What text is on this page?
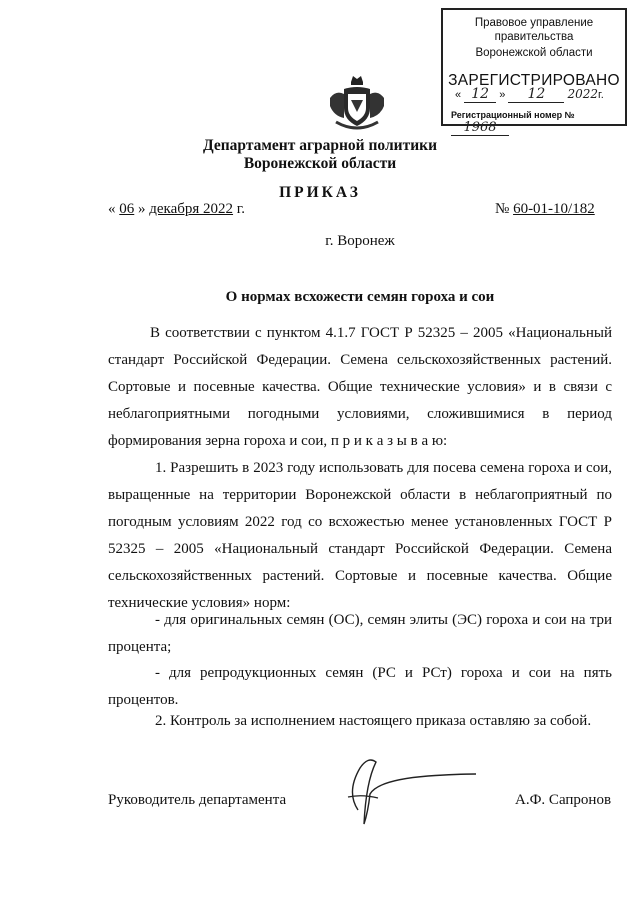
Правовое управление правительства
Воронежской области
ЗАРЕГИСТРИРОВАНО
« 12 » 12 2022г.
Регистрационный номер № 1968
Департамент аграрной политики
Воронежской области
ПРИКАЗ
« 06 » декабря 2022 г.	№ 60-01-10/182
г. Воронеж
О нормах всхожести семян гороха и сои
В соответствии с пунктом 4.1.7 ГОСТ Р 52325 – 2005 «Национальный стандарт Российской Федерации. Семена сельскохозяйственных растений. Сортовые и посевные качества. Общие технические условия» и в связи с неблагоприятными погодными условиями, сложившимися в период формирования зерна гороха и сои, п р и к а з ы в а ю:
1. Разрешить в 2023 году использовать для посева семена гороха и сои, выращенные на территории Воронежской области в неблагоприятный по погодным условиям 2022 год со всхожестью менее установленных ГОСТ Р 52325 – 2005 «Национальный стандарт Российской Федерации. Семена сельскохозяйственных растений. Сортовые и посевные качества. Общие технические условия» норм:
- для оригинальных семян (ОС), семян элиты (ЭС) гороха и сои на три процента;
- для репродукционных семян (РС и РСт) гороха и сои на пять процентов.
2. Контроль за исполнением настоящего приказа оставляю за собой.
Руководитель департамента	А.Ф. Сапронов
